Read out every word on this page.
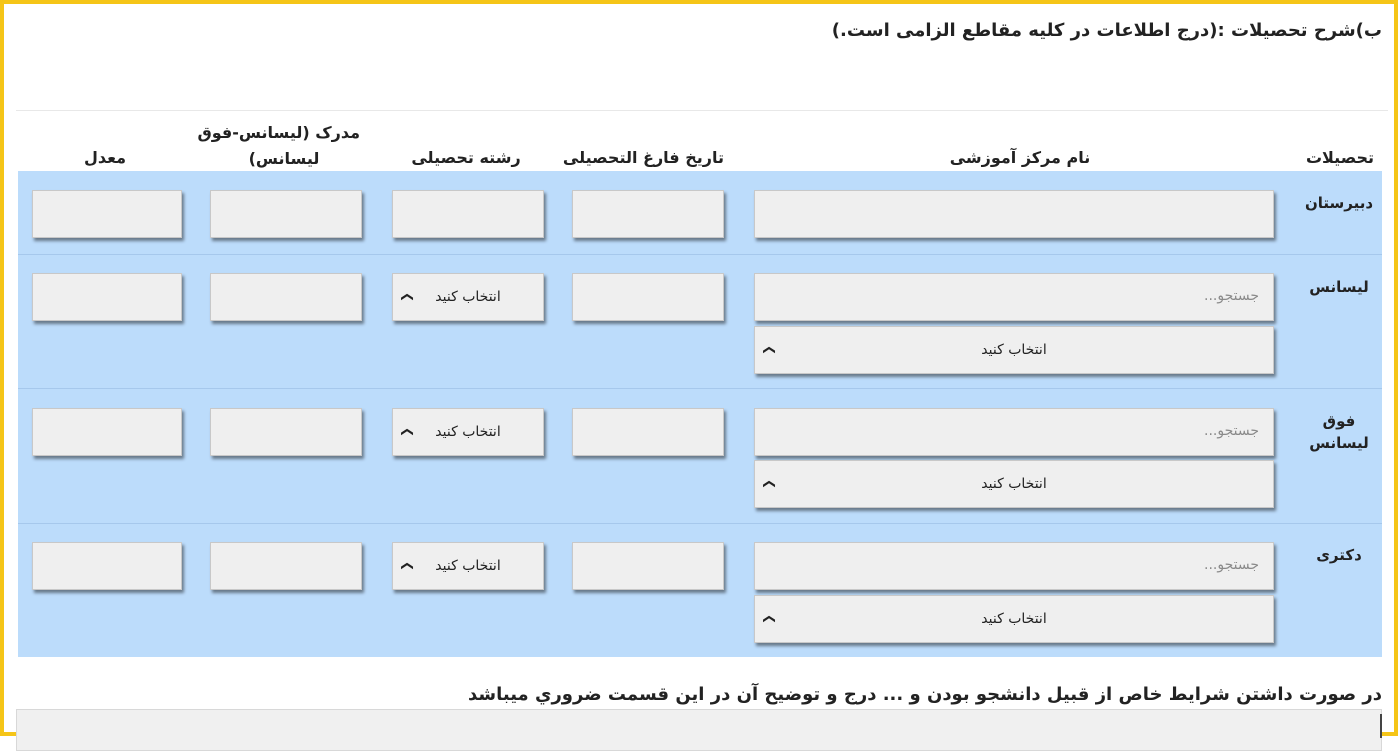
ب)شرح تحصیلات :(درج اطلاعات در کلیه مقاطع الزامی است.)
تحصیلات
نام مرکز آموزشی
تاریخ فارغ التحصیلی
رشته تحصیلی
مدرک (لیسانس-فوق
لیسانس)
معدل
دبیرستان
لیسانس
جستجو...
انتخاب کنید
❯
انتخاب کنید
❯
فوق
لیسانس
جستجو...
انتخاب کنید
❯
انتخاب کنید
❯
دکتری
جستجو...
انتخاب کنید
❯
انتخاب کنید
❯
در صورت داشتن شرایط خاص از قبیل دانشجو بودن و ... درج و توضیح آن در این قسمت ضروري میباشد
